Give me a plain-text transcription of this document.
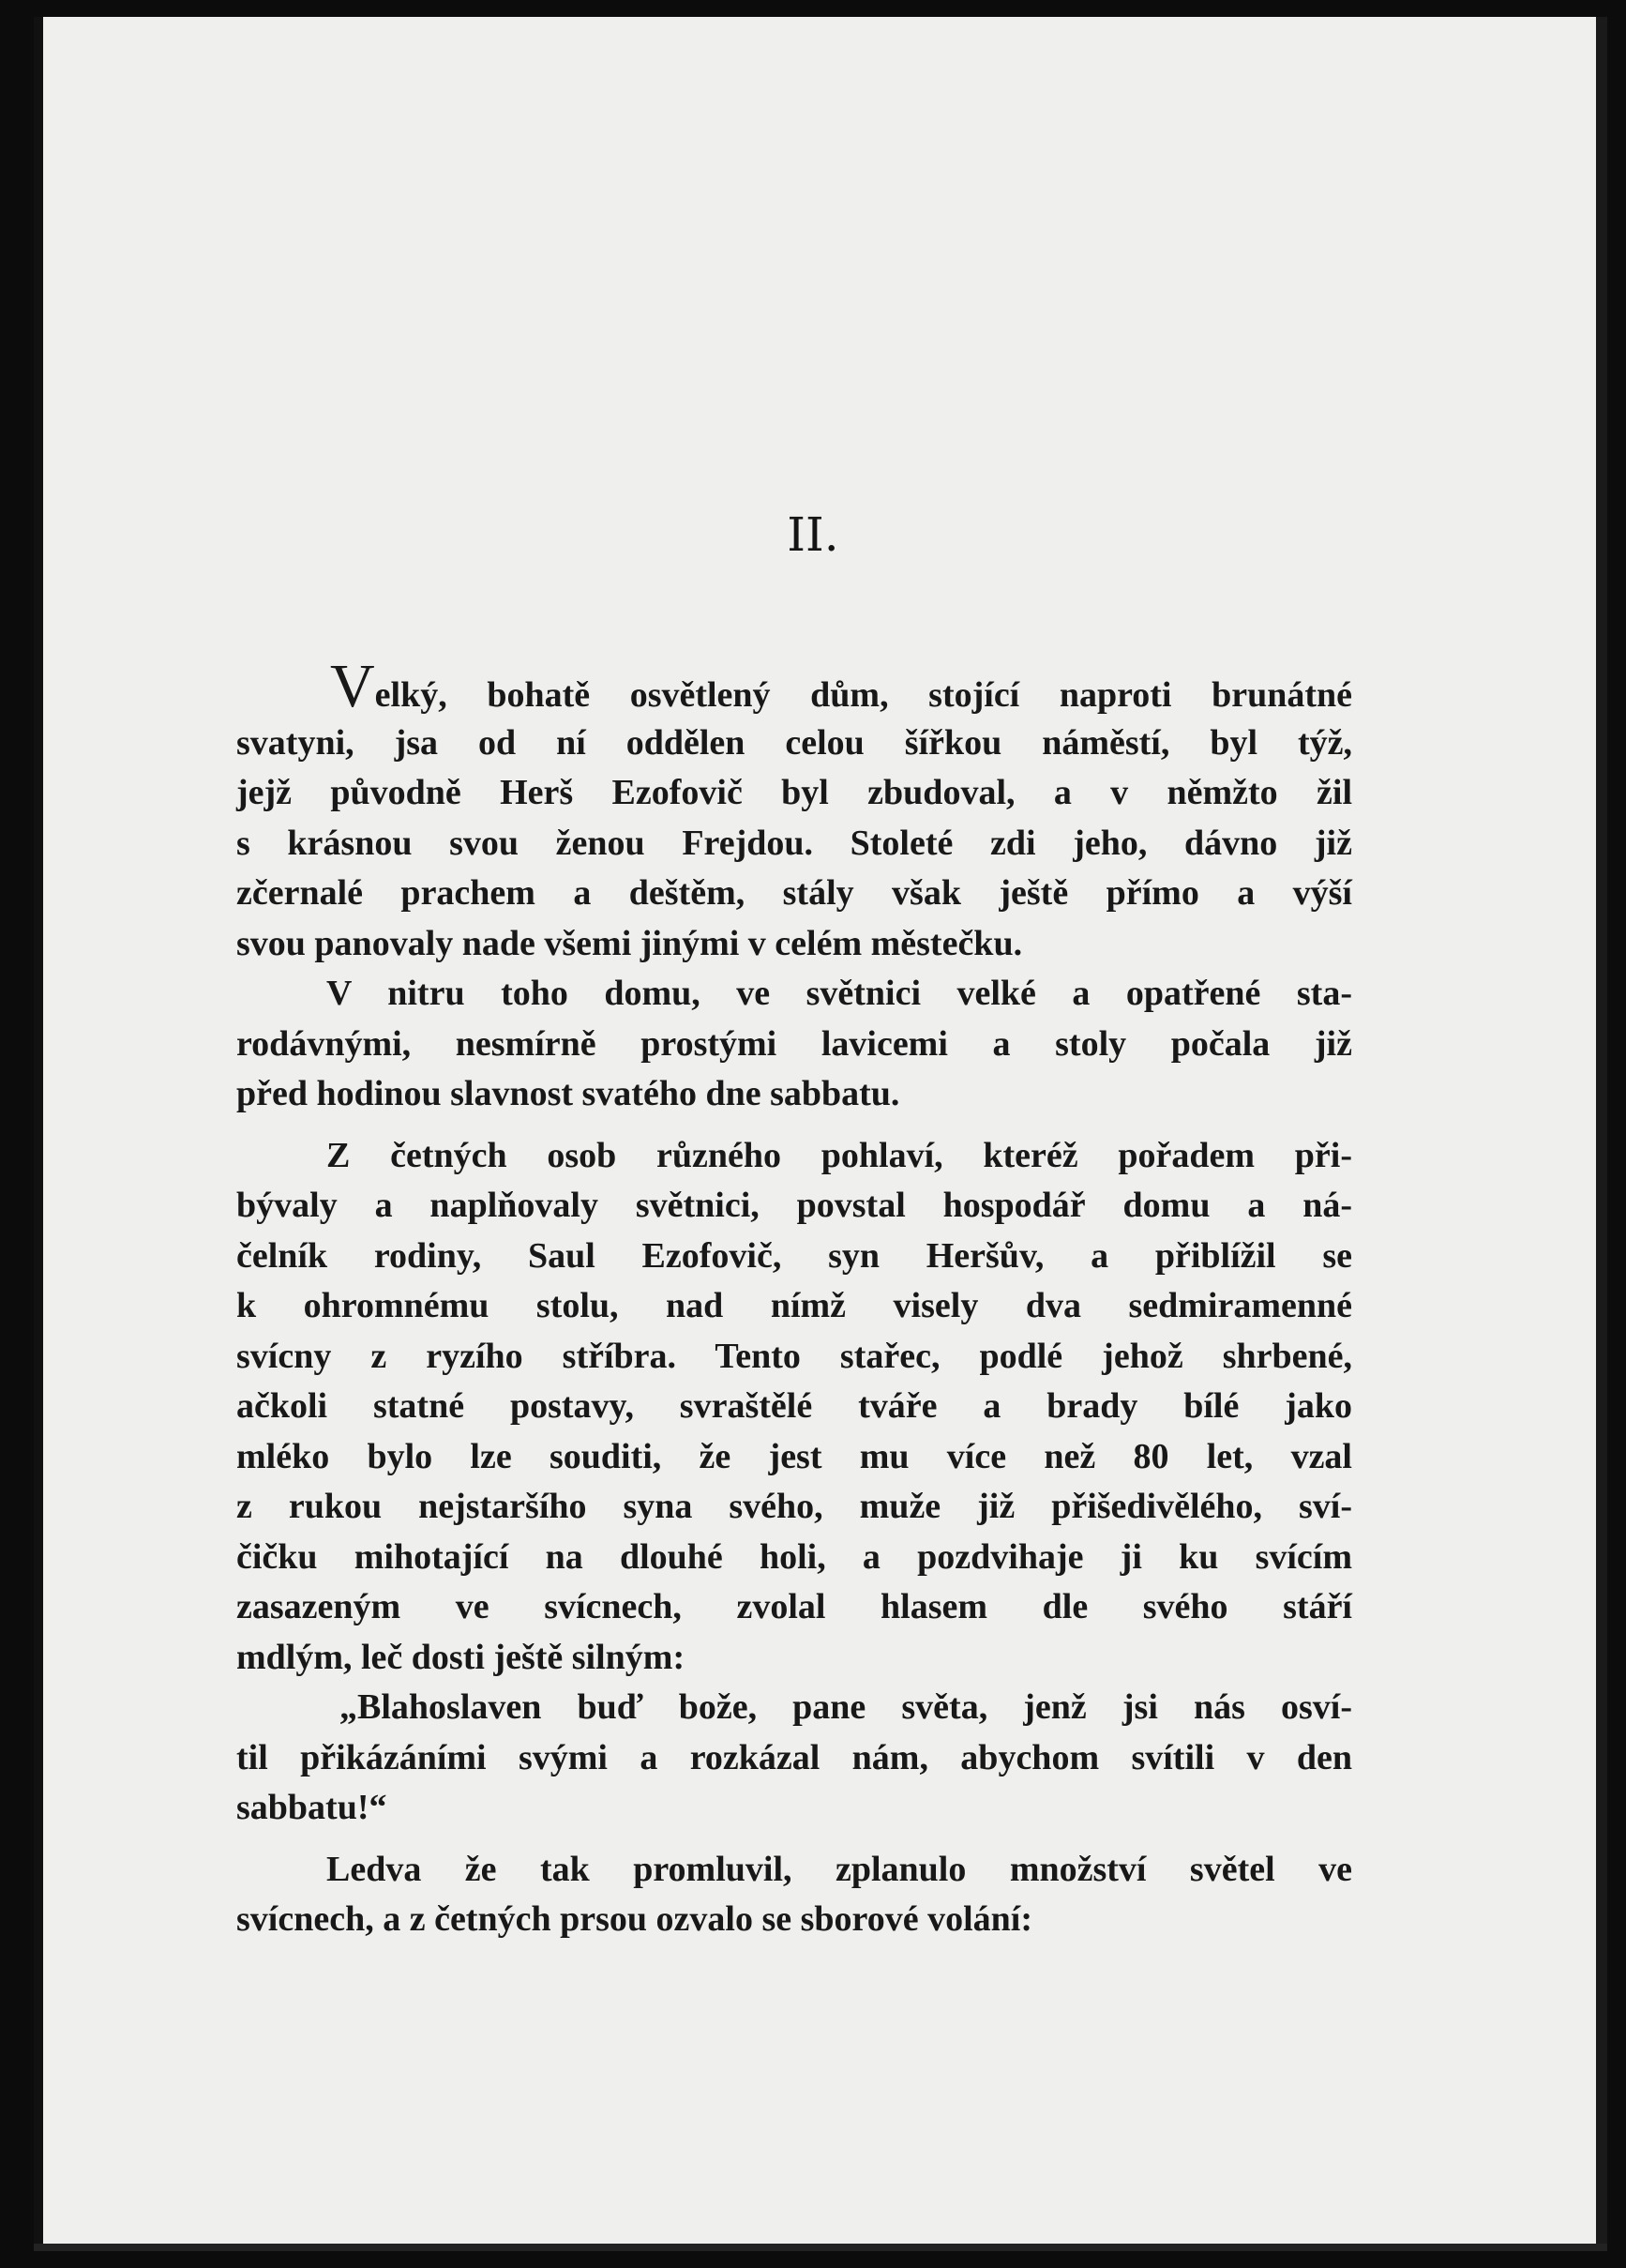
II.

Velký, bohatě osvětlený dům, stojící naproti brunátné
svatyni, jsa od ní oddělen celou šířkou náměstí, byl týž,
jejž původně Herš Ezofovič byl zbudoval, a v němžto žil
s krásnou svou ženou Frejdou. Stoleté zdi jeho, dávno již
zčernalé prachem a deštěm, stály však ještě přímo a výší
svou panovaly nade všemi jinými v celém městečku.

V nitru toho domu, ve světnici velké a opatřené sta-
rodávnými, nesmírně prostými lavicemi a stoly počala již
před hodinou slavnost svatého dne sabbatu.

Z četných osob různého pohlaví, kteréž pořadem při-
bývaly a naplňovaly světnici, povstal hospodář domu a ná-
čelník rodiny, Saul Ezofovič, syn Heršův, a přiblížil se
k ohromnému stolu, nad nímž visely dva sedmiramenné
svícny z ryzího stříbra. Tento stařec, podlé jehož shrbené,
ačkoli statné postavy, svraštělé tváře a brady bílé jako
mléko bylo lze souditi, že jest mu více než 80 let, vzal
z rukou nejstaršího syna svého, muže již přišedivělého, sví-
čičku mihotající na dlouhé holi, a pozdvihaje ji ku svícím
zasazeným ve svícnech, zvolal hlasem dle svého stáří
mdlým, leč dosti ještě silným:

„Blahoslaven buď bože, pane světa, jenž jsi nás osví-
til přikázáními svými a rozkázal nám, abychom svítili v den
sabbatu!“

Ledva že tak promluvil, zplanulo množství světel ve
svícnech, a z četných prsou ozvalo se sborové volání:
